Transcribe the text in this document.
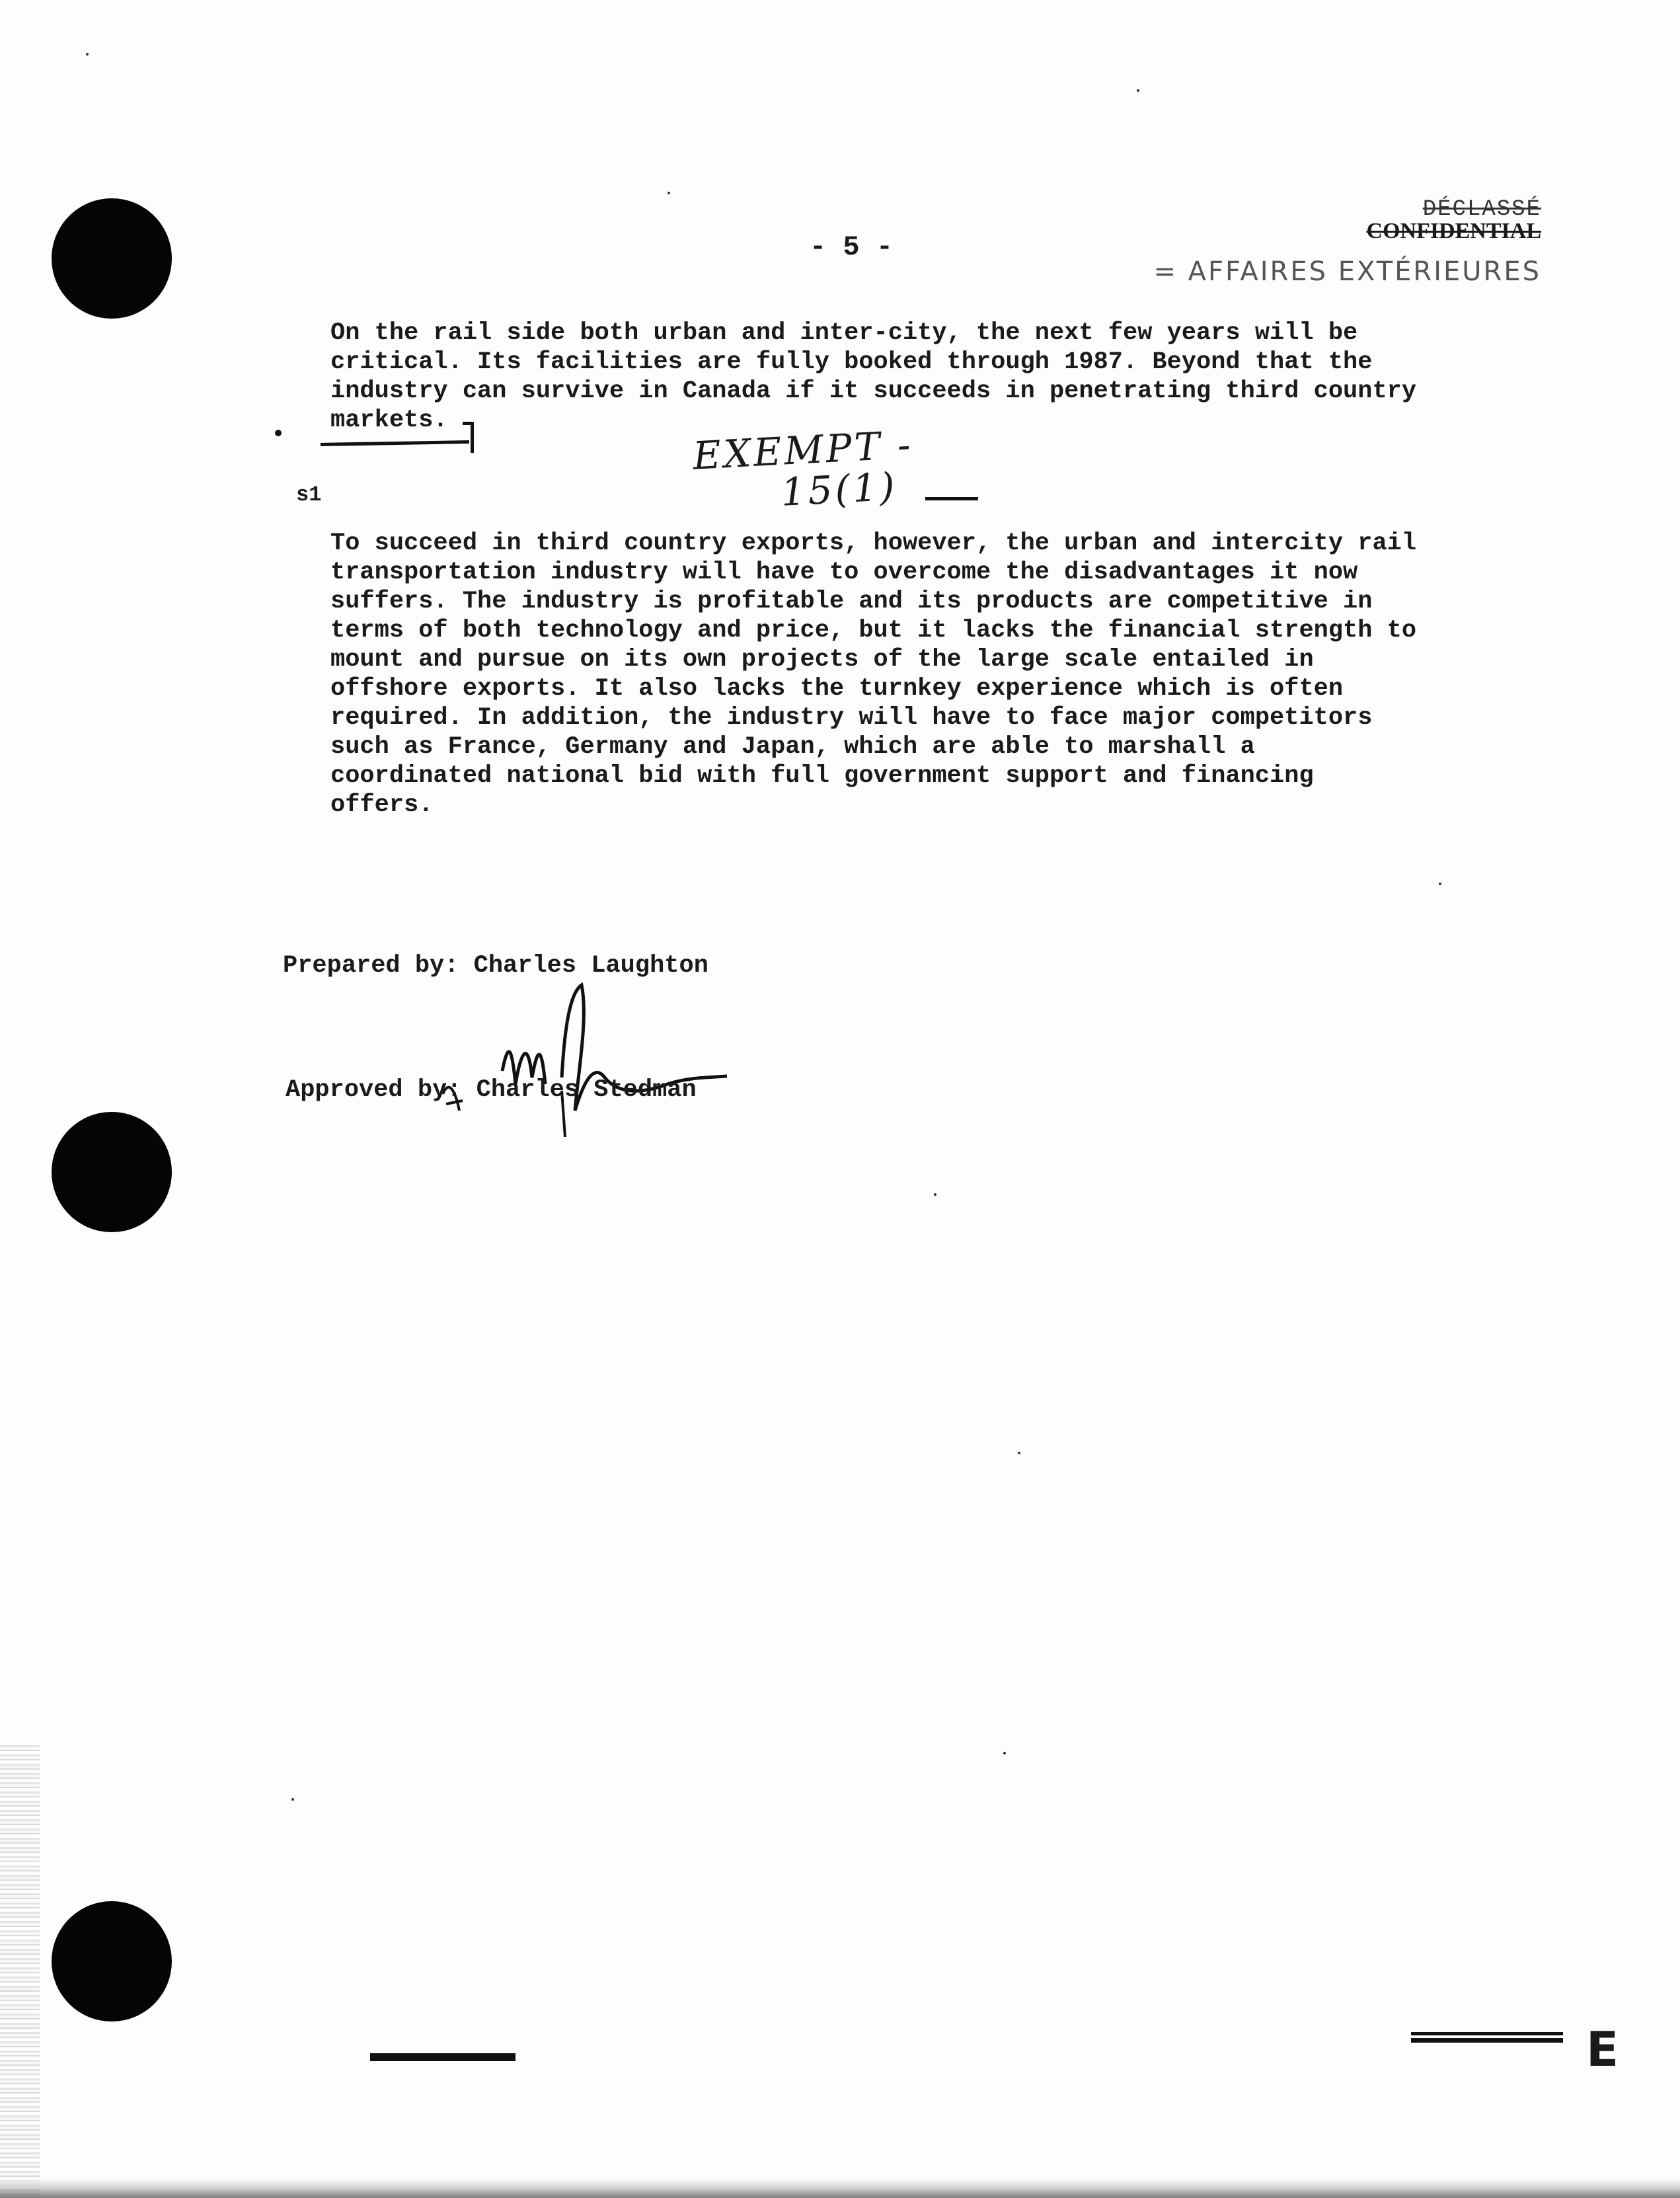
- 5 -
DÉCLASSÉ
CONFIDENTIAL
= AFFAIRES EXTÉRIEURES
On the rail side both urban and inter-city, the next few years will be
critical. Its facilities are fully booked through 1987. Beyond that the
industry can survive in Canada if it succeeds in penetrating third country
markets.
s1
EXEMPT -
15(1)
To succeed in third country exports, however, the urban and intercity rail
transportation industry will have to overcome the disadvantages it now
suffers. The industry is profitable and its products are competitive in
terms of both technology and price, but it lacks the financial strength to
mount and pursue on its own projects of the large scale entailed in
offshore exports. It also lacks the turnkey experience which is often
required. In addition, the industry will have to face major competitors
such as France, Germany and Japan, which are able to marshall a
coordinated national bid with full government support and financing
offers.
Prepared by: Charles Laughton
Approved by: Charles Stedman
E
